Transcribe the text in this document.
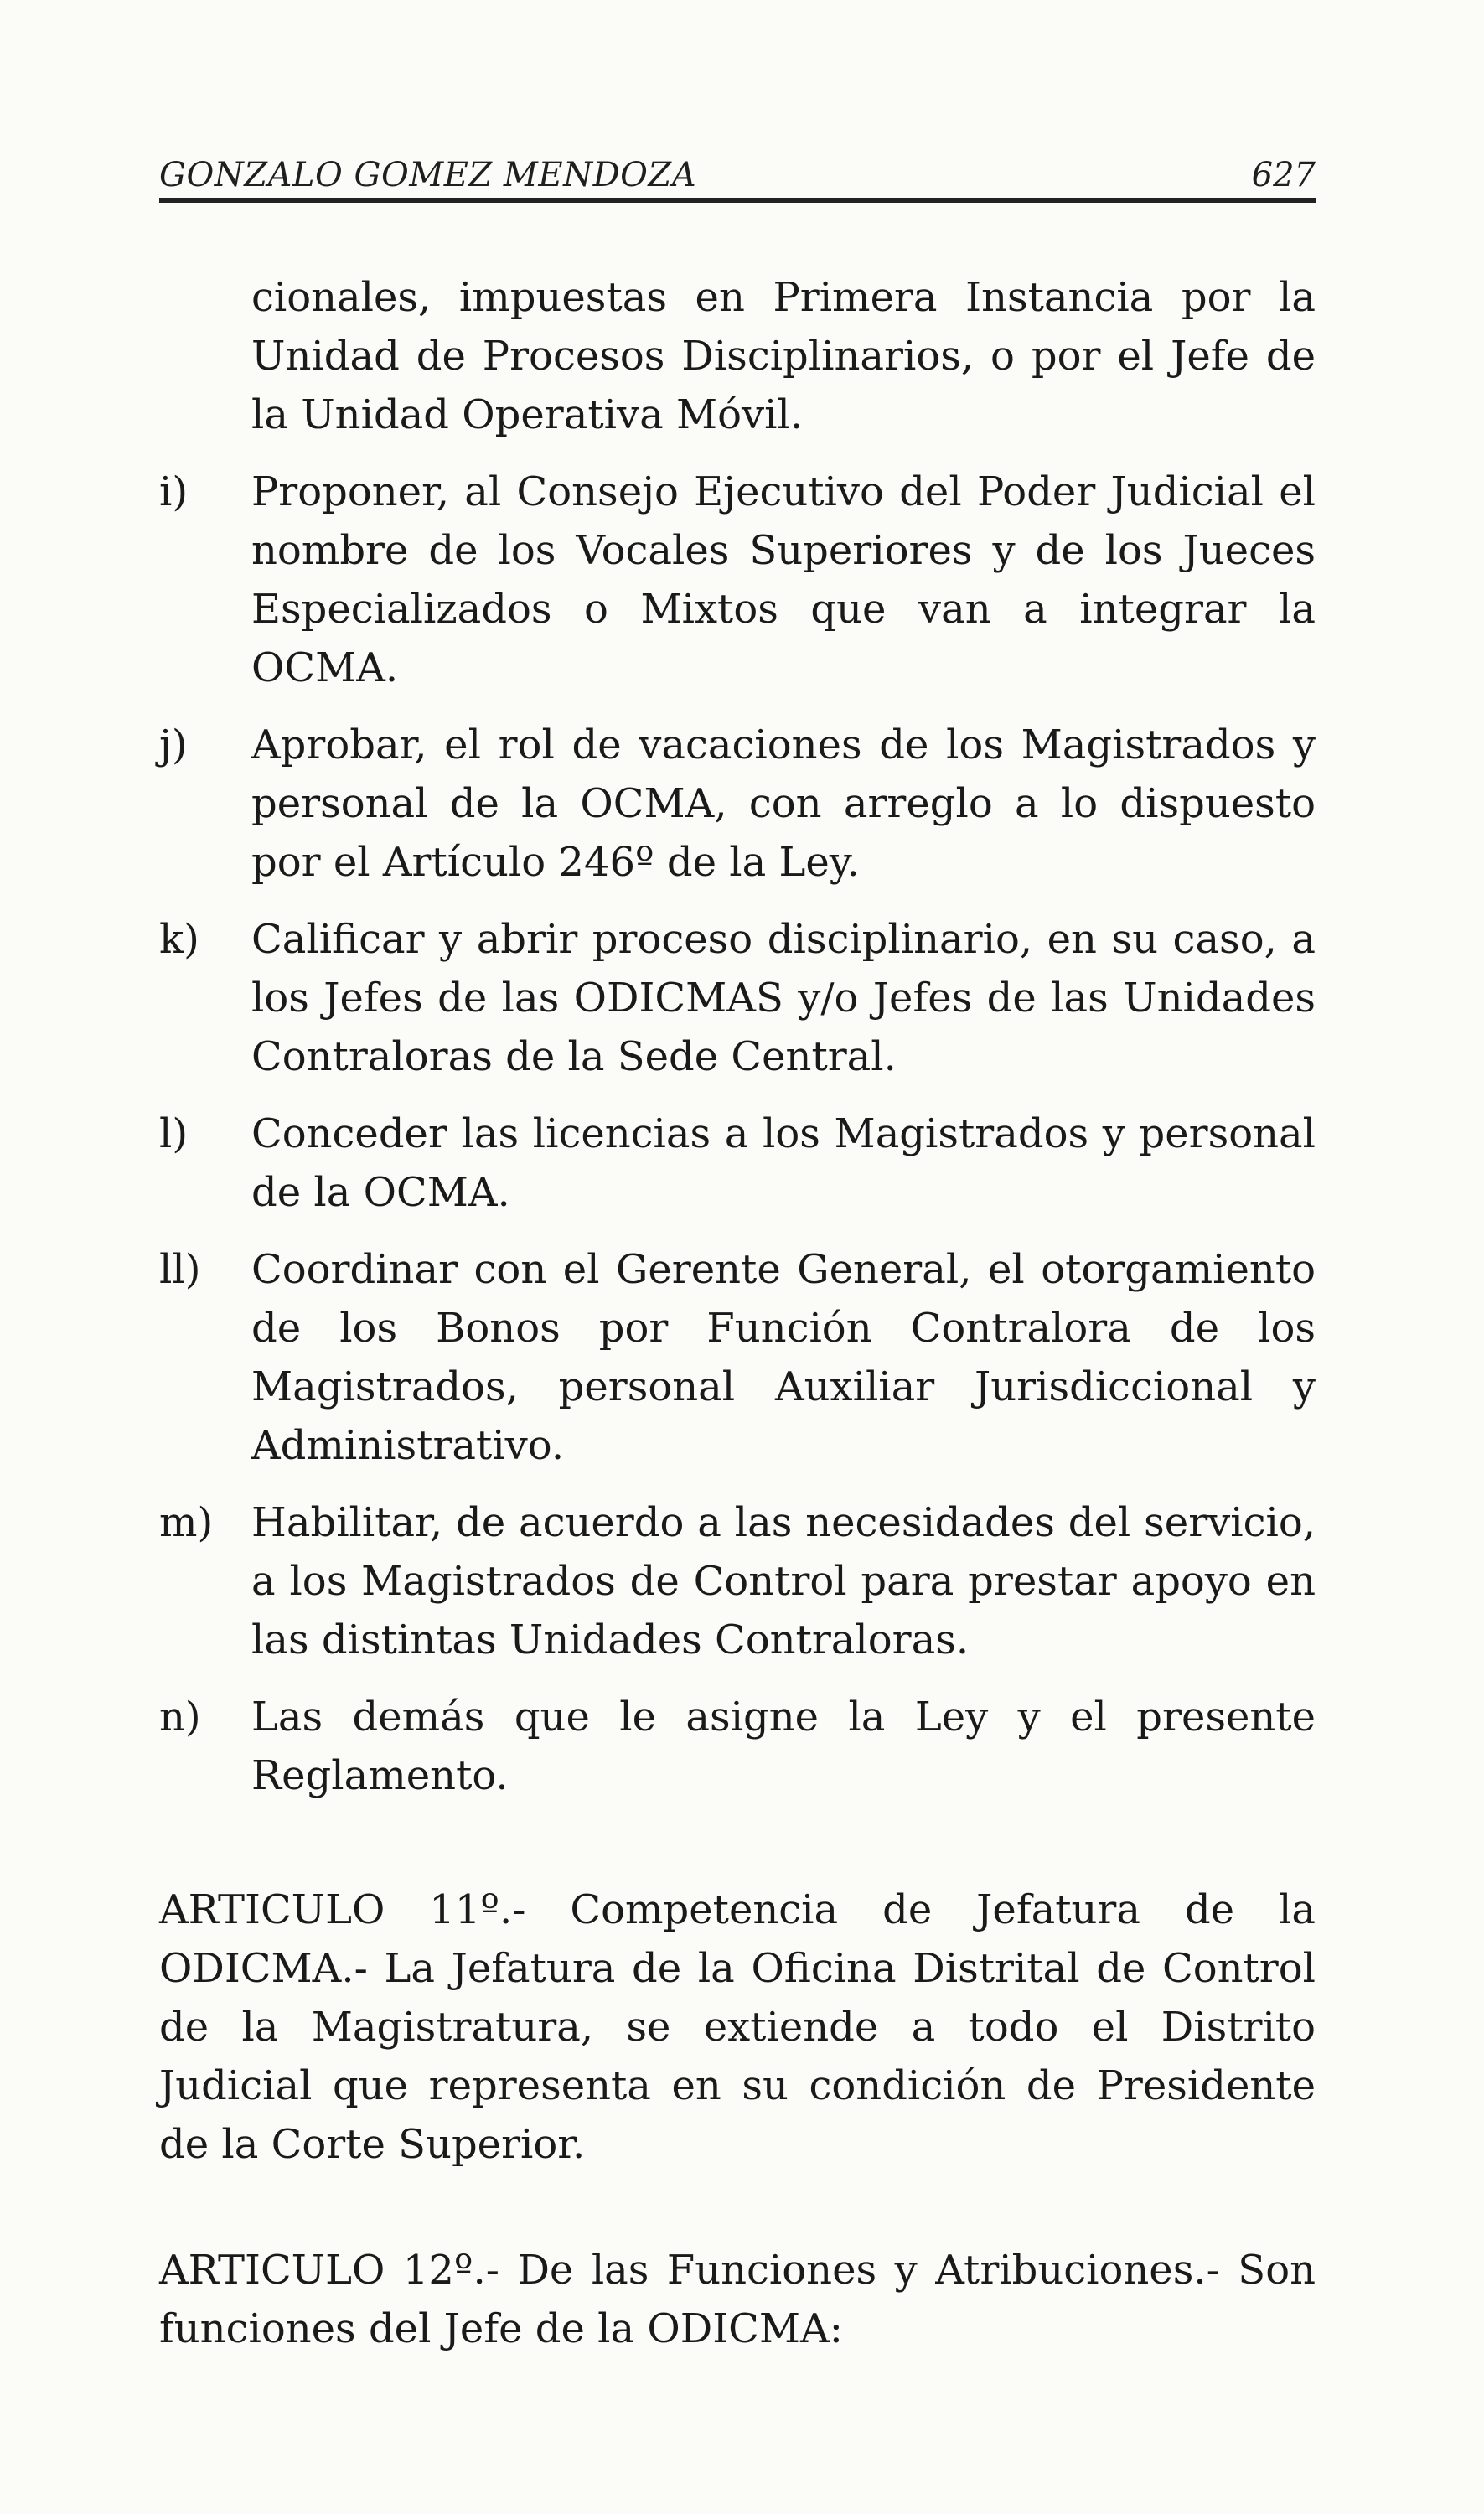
GONZALO GOMEZ MENDOZA	627
cionales, impuestas en Primera Instancia por la Unidad de Procesos Disciplinarios, o por el Jefe de la Unidad Operativa Móvil.
i)	Proponer, al Consejo Ejecutivo del Poder Judicial el nombre de los Vocales Superiores y de los Jueces Especializados o Mixtos que van a integrar la OCMA.
j)	Aprobar, el rol de vacaciones de los Magistrados y personal de la OCMA, con arreglo a lo dispuesto por el Artículo 246º de la Ley.
k)	Calificar y abrir proceso disciplinario, en su caso, a los Jefes de las ODICMAS y/o Jefes de las Unidades Contraloras de la Sede Central.
l)	Conceder las licencias a los Magistrados y personal de la OCMA.
ll)	Coordinar con el Gerente General, el otorgamiento de los Bonos por Función Contralora de los Magistrados, personal Auxiliar Jurisdiccional y Administrativo.
m) Habilitar, de acuerdo a las necesidades del servicio, a los Magistrados de Control para prestar apoyo en las distintas Unidades Contraloras.
n)	Las demás que le asigne la Ley y el presente Reglamento.
ARTICULO 11º.- Competencia de Jefatura de la ODICMA.- La Jefatura de la Oficina Distrital de Control de la Magistratura, se extiende a todo el Distrito Judicial que representa en su condición de Presidente de la Corte Superior.
ARTICULO 12º.- De las Funciones y Atribuciones.- Son funciones del Jefe de la ODICMA:
